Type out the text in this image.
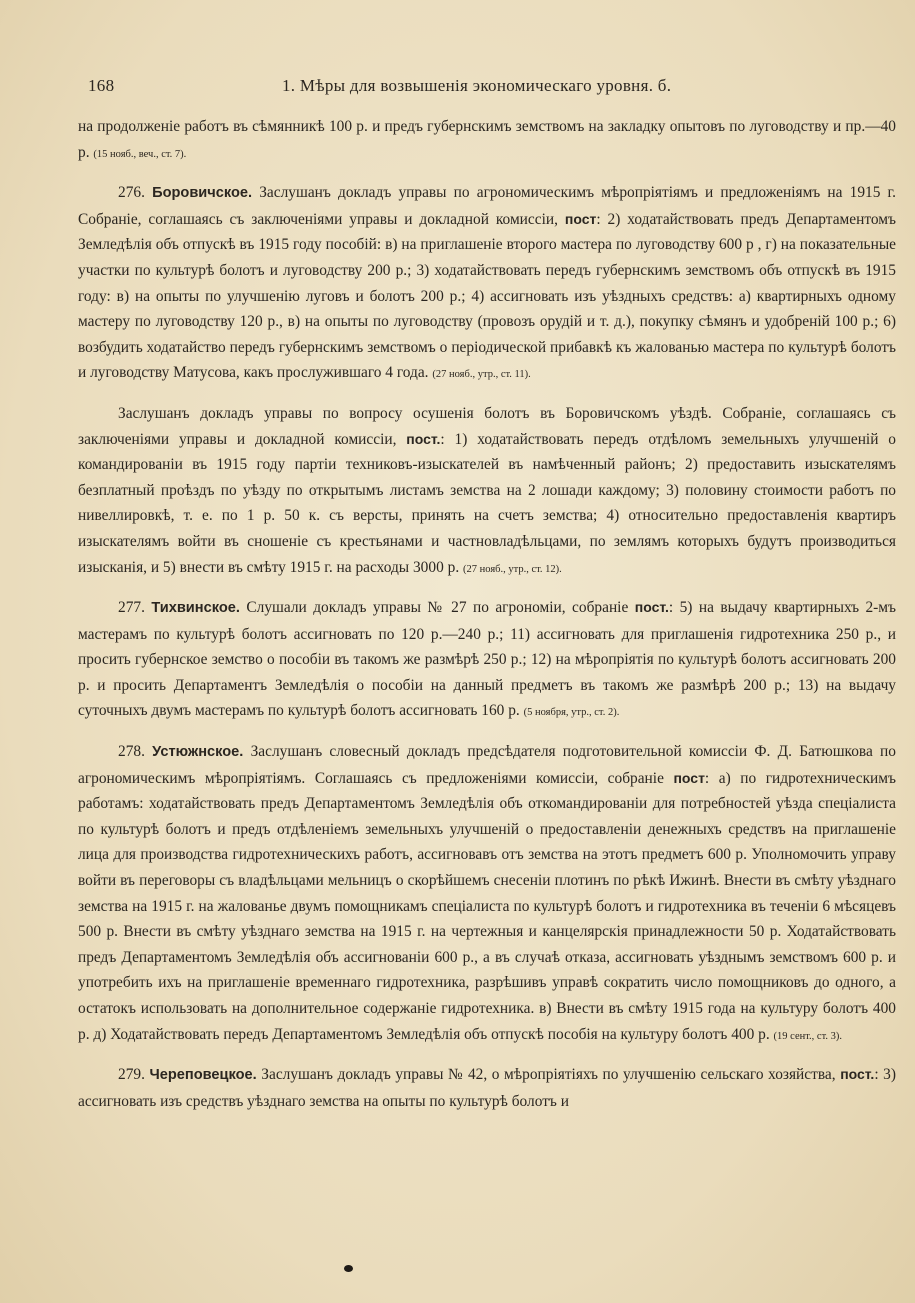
168	1. Мѣры для возвышенія экономическаго уровня. б.

на продолженіе работъ въ сѣмянникѣ 100 р. и предъ губернскимъ земствомъ на закладку опытовъ по луговодству и пр.—40 р. (15 нояб., веч., ст. 7).

276. Боровичское. Заслушанъ докладъ управы по агрономическимъ мѣропріятіямъ и предложеніямъ на 1915 г. Собраніе, соглашаясь съ заключеніями управы и докладной комиссіи, пост: 2) ходатайствовать предъ Департаментомъ Земледѣлія объ отпускѣ въ 1915 году пособій: в) на приглашеніе второго мастера по луговодству 600 р , г) на показательные участки по культурѣ болотъ и луговодству 200 р.; 3) ходатайствовать передъ губернскимъ земствомъ объ отпускѣ въ 1915 году: в) на опыты по улучшенію луговъ и болотъ 200 р.; 4) ассигновать изъ уѣздныхъ средствъ: а) квартирныхъ одному мастеру по луговодству 120 р., в) на опыты по луговодству (провозъ орудій и т. д.), покупку сѣмянъ и удобреній 100 р.; 6) возбудить ходатайство передъ губернскимъ земствомъ о періодической прибавкѣ къ жалованью мастера по культурѣ болотъ и луговодству Матусова, какъ прослужившаго 4 года. (27 нояб., утр., ст. 11).

Заслушанъ докладъ управы по вопросу осушенія болотъ въ Боровичскомъ уѣздѣ. Собраніе, соглашаясь съ заключеніями управы и докладной комиссіи, пост.: 1) ходатайствовать передъ отдѣломъ земельныхъ улучшеній о командированіи въ 1915 году партіи техниковъ-изыскателей въ намѣченный районъ; 2) предоставить изыскателямъ безплатный проѣздъ по уѣзду по открытымъ листамъ земства на 2 лошади каждому; 3) половину стоимости работъ по нивеллировкѣ, т. е. по 1 р. 50 к. съ версты, принять на счетъ земства; 4) относительно предоставленія квартиръ изыскателямъ войти въ сношеніе съ крестьянами и частновладѣльцами, по землямъ которыхъ будутъ производиться изысканія, и 5) внести въ смѣту 1915 г. на расходы 3000 р. (27 нояб., утр., ст. 12).

277. Тихвинское. Слушали докладъ управы № 27 по агрономіи, собраніе пост.: 5) на выдачу квартирныхъ 2-мъ мастерамъ по культурѣ болотъ ассигновать по 120 р.—240 р.; 11) ассигновать для приглашенія гидротехника 250 р., и просить губернское земство о пособіи въ такомъ же размѣрѣ 250 р.; 12) на мѣропріятія по культурѣ болотъ ассигновать 200 р. и просить Департаментъ Земледѣлія о пособіи на данный предметъ въ такомъ же размѣрѣ 200 р.; 13) на выдачу суточныхъ двумъ мастерамъ по культурѣ болотъ ассигновать 160 р. (5 ноября, утр., ст. 2).

278. Устюжнское. Заслушанъ словесный докладъ предсѣдателя подготовительной комиссіи Ф. Д. Батюшкова по агрономическимъ мѣропріятіямъ. Соглашаясь съ предложеніями комиссіи, собраніе пост: а) по гидротехническимъ работамъ: ходатайствовать предъ Департаментомъ Земледѣлія объ откомандированіи для потребностей уѣзда спеціалиста по культурѣ болотъ и предъ отдѣленіемъ земельныхъ улучшеній о предоставленіи денежныхъ средствъ на приглашеніе лица для производства гидротехническихъ работъ, ассигновавъ отъ земства на этотъ предметъ 600 р. Уполномочить управу войти въ переговоры съ владѣльцами мельницъ о скорѣйшемъ снесеніи плотинъ по рѣкѣ Ижинѣ. Внести въ смѣту уѣзднаго земства на 1915 г. на жалованье двумъ помощникамъ спеціалиста по культурѣ болотъ и гидротехника въ теченіи 6 мѣсяцевъ 500 р. Внести въ смѣту уѣзднаго земства на 1915 г. на чертежныя и канцелярскія принадлежности 50 р. Ходатайствовать предъ Департаментомъ Земледѣлія объ ассигнованіи 600 р., а въ случаѣ отказа, ассигновать уѣзднымъ земствомъ 600 р. и употребить ихъ на приглашеніе временнаго гидротехника, разрѣшивъ управѣ сократить число помощниковъ до одного, а остатокъ использовать на дополнительное содержаніе гидротехника. в) Внести въ смѣту 1915 года на культуру болотъ 400 р. д) Ходатайствовать передъ Департаментомъ Земледѣлія объ отпускѣ пособія на культуру болотъ 400 р. (19 сент., ст. 3).

279. Череповецкое. Заслушанъ докладъ управы № 42, о мѣропріятіяхъ по улучшенію сельскаго хозяйства, пост.: 3) ассигновать изъ средствъ уѣзднаго земства на опыты по культурѣ болотъ и
